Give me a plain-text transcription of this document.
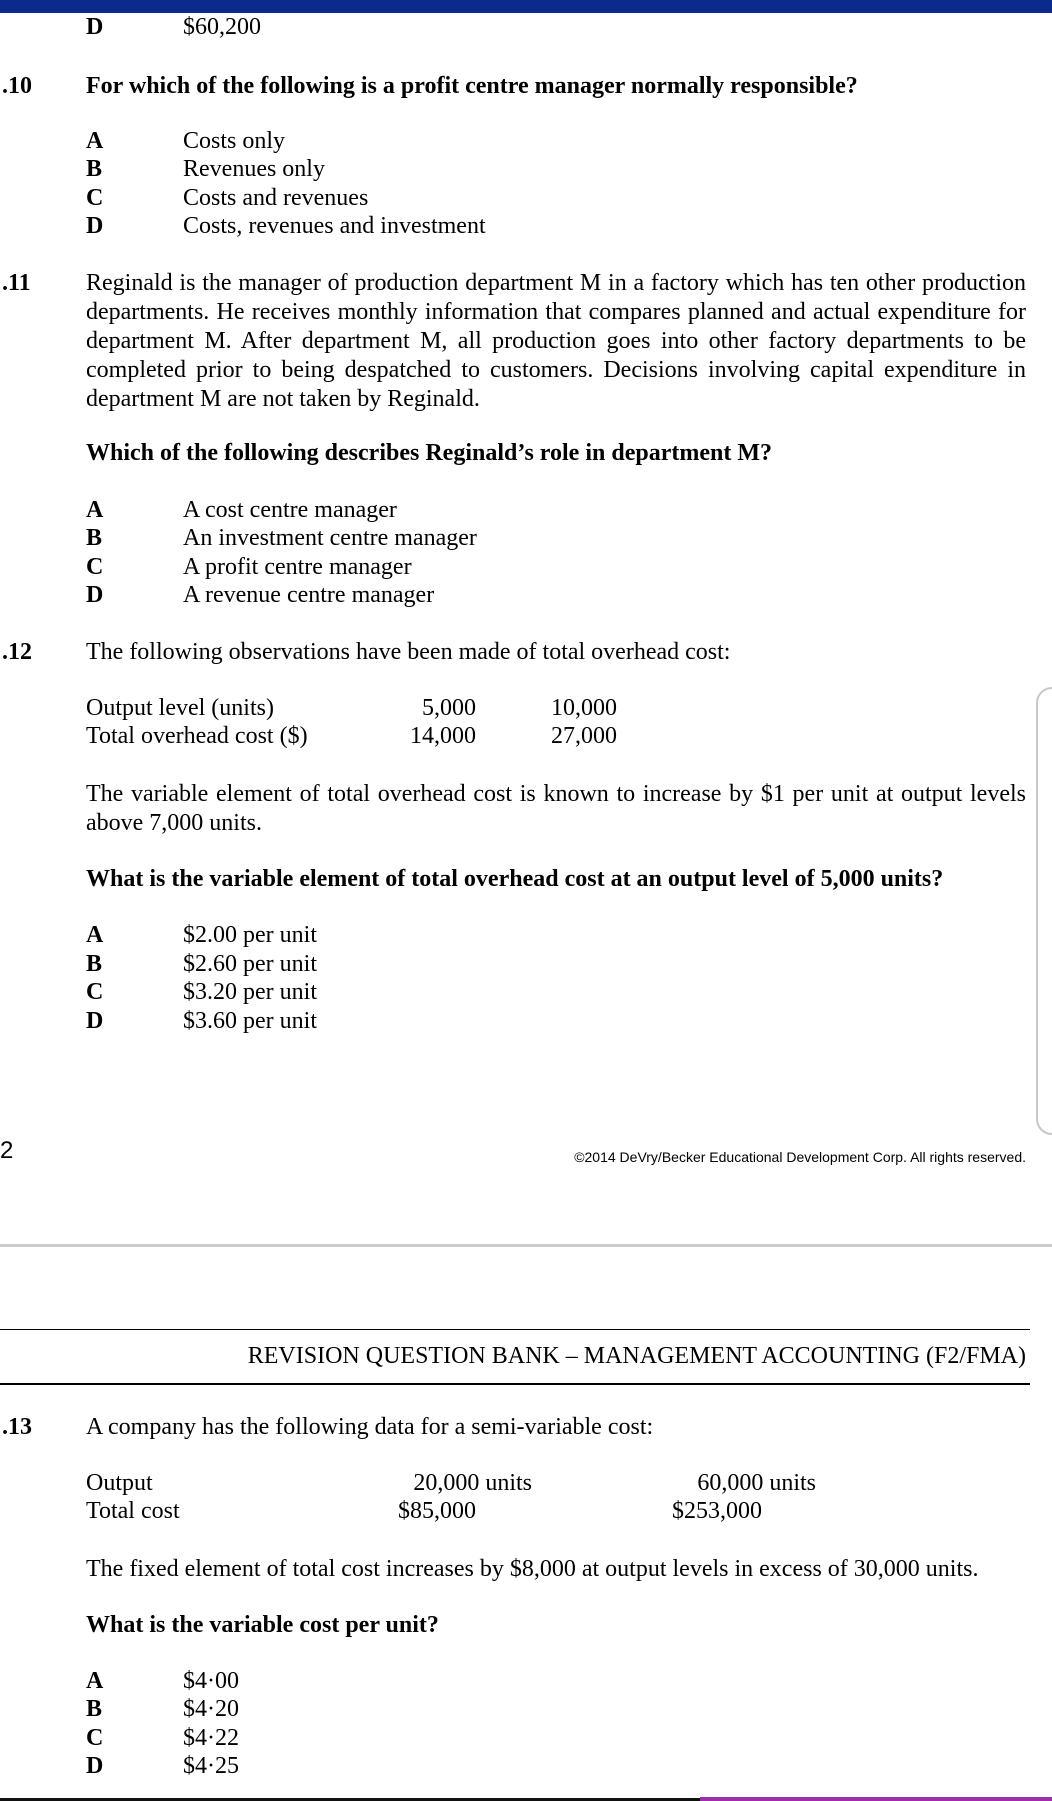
D	$60,200
.10 For which of the following is a profit centre manager normally responsible?
A	Costs only
B	Revenues only
C	Costs and revenues
D	Costs, revenues and investment
.11 Reginald is the manager of production department M in a factory which has ten other production departments. He receives monthly information that compares planned and actual expenditure for department M. After department M, all production goes into other factory departments to be completed prior to being despatched to customers. Decisions involving capital expenditure in department M are not taken by Reginald.
Which of the following describes Reginald’s role in department M?
A	A cost centre manager
B	An investment centre manager
C	A profit centre manager
D	A revenue centre manager
.12 The following observations have been made of total overhead cost:
Output level (units)	5,000	10,000
Total overhead cost ($)	14,000	27,000
The variable element of total overhead cost is known to increase by $1 per unit at output levels above 7,000 units.
What is the variable element of total overhead cost at an output level of 5,000 units?
A	$2.00 per unit
B	$2.60 per unit
C	$3.20 per unit
D	$3.60 per unit
2	©2014 DeVry/Becker Educational Development Corp. All rights reserved.
REVISION QUESTION BANK – MANAGEMENT ACCOUNTING (F2/FMA)
.13 A company has the following data for a semi-variable cost:
Output	20,000 units	60,000 units
Total cost	$85,000	$253,000
The fixed element of total cost increases by $8,000 at output levels in excess of 30,000 units.
What is the variable cost per unit?
A	$4·00
B	$4·20
C	$4·22
D	$4·25
